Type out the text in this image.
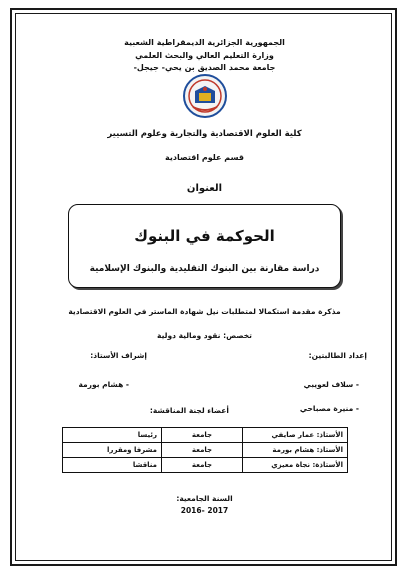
الجمهورية الجزائرية الديمقراطية الشعبية
وزارة التعليم العالي والبحث العلمي
جامعة محمد الصديق بن يحي- جيجل-
كلية العلوم الاقتصادية والتجارية وعلوم التسيير
قسم علوم اقتصادية
العنوان
الحوكمة في البنوك
دراسة مقارنة بين البنوك التقليدية والبنوك الإسلامية
مذكرة مقدمة استكمالا لمتطلبات نيل شهادة الماستر في العلوم الاقتصادية
تخصص: نقود ومالية دولية
إعداد الطالبتين:
- سلاف لعويبي
- منيرة مصباحي
إشراف الأستاذ:
- هشام بورمة
أعضاء لجنة المناقشة:
الأستاذ: عمار صايفي	جامعة	رئيسا
الأستاذ: هشام بورمة	جامعة	مشرفا ومقررا
الأستاذة: نجاة معيزي	جامعة	مناقشا
السنة الجامعية:
2016- 2017
